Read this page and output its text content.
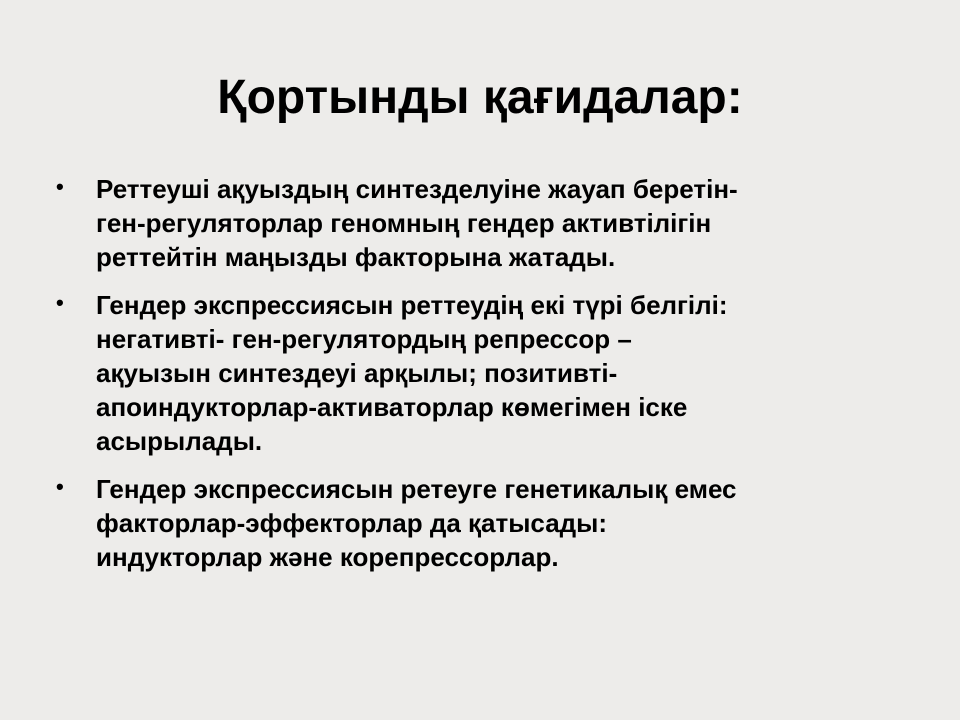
Қортынды қағидалар:
• Реттеуші ақуыздың синтезделуіне жауап беретін-
ген-регуляторлар геномның гендер активтілігін
реттейтін маңызды факторына жатады.
• Гендер экспрессиясын реттеудің екі түрі белгілі:
негативті- ген-регулятордың репрессор –
ақуызын синтездеуі арқылы; позитивті-
апоиндукторлар-активаторлар көмегімен іске
асырылады.
• Гендер экспрессиясын ретеуге генетикалық емес
факторлар-эффекторлар да қатысады:
индукторлар және корепрессорлар.
